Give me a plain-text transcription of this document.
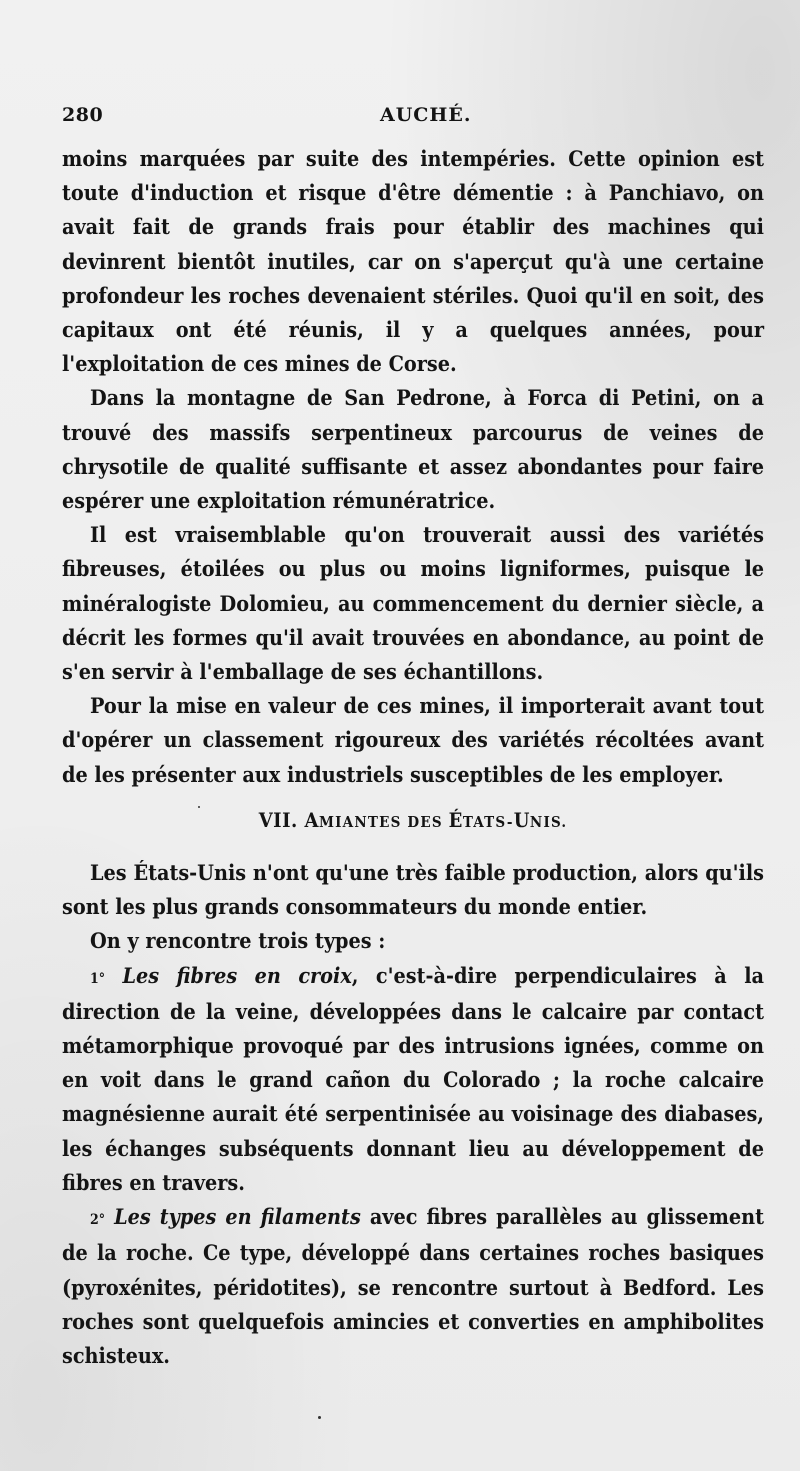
280	AUCHÉ.

moins marquées par suite des intempéries. Cette opinion est toute d'induction et risque d'être démentie : à Panchiavo, on avait fait de grands frais pour établir des machines qui devinrent bientôt inutiles, car on s'aperçut qu'à une certaine profondeur les roches devenaient stériles. Quoi qu'il en soit, des capitaux ont été réunis, il y a quelques années, pour l'exploitation de ces mines de Corse.

Dans la montagne de San Pedrone, à Forca di Petini, on a trouvé des massifs serpentineux parcourus de veines de chrysotile de qualité suffisante et assez abondantes pour faire espérer une exploitation rémunératrice.

Il est vraisemblable qu'on trouverait aussi des variétés fibreuses, étoilées ou plus ou moins ligniformes, puisque le minéralogiste Dolomieu, au commencement du dernier siècle, a décrit les formes qu'il avait trouvées en abondance, au point de s'en servir à l'emballage de ses échantillons.

Pour la mise en valeur de ces mines, il importerait avant tout d'opérer un classement rigoureux des variétés récoltées avant de les présenter aux industriels susceptibles de les employer.

VII. AMIANTES DES ÉTATS-UNIS.

Les États-Unis n'ont qu'une très faible production, alors qu'ils sont les plus grands consommateurs du monde entier.

On y rencontre trois types :

1° Les fibres en croix, c'est-à-dire perpendiculaires à la direction de la veine, développées dans le calcaire par contact métamorphique provoqué par des intrusions ignées, comme on en voit dans le grand cañon du Colorado ; la roche calcaire magnésienne aurait été serpentinisée au voisinage des diabases, les échanges subséquents donnant lieu au développement de fibres en travers.

2° Les types en filaments avec fibres parallèles au glissement de la roche. Ce type, développé dans certaines roches basiques (pyroxénites, péridotites), se rencontre surtout à Bedford. Les roches sont quelquefois amincies et converties en amphibolites schisteux.
